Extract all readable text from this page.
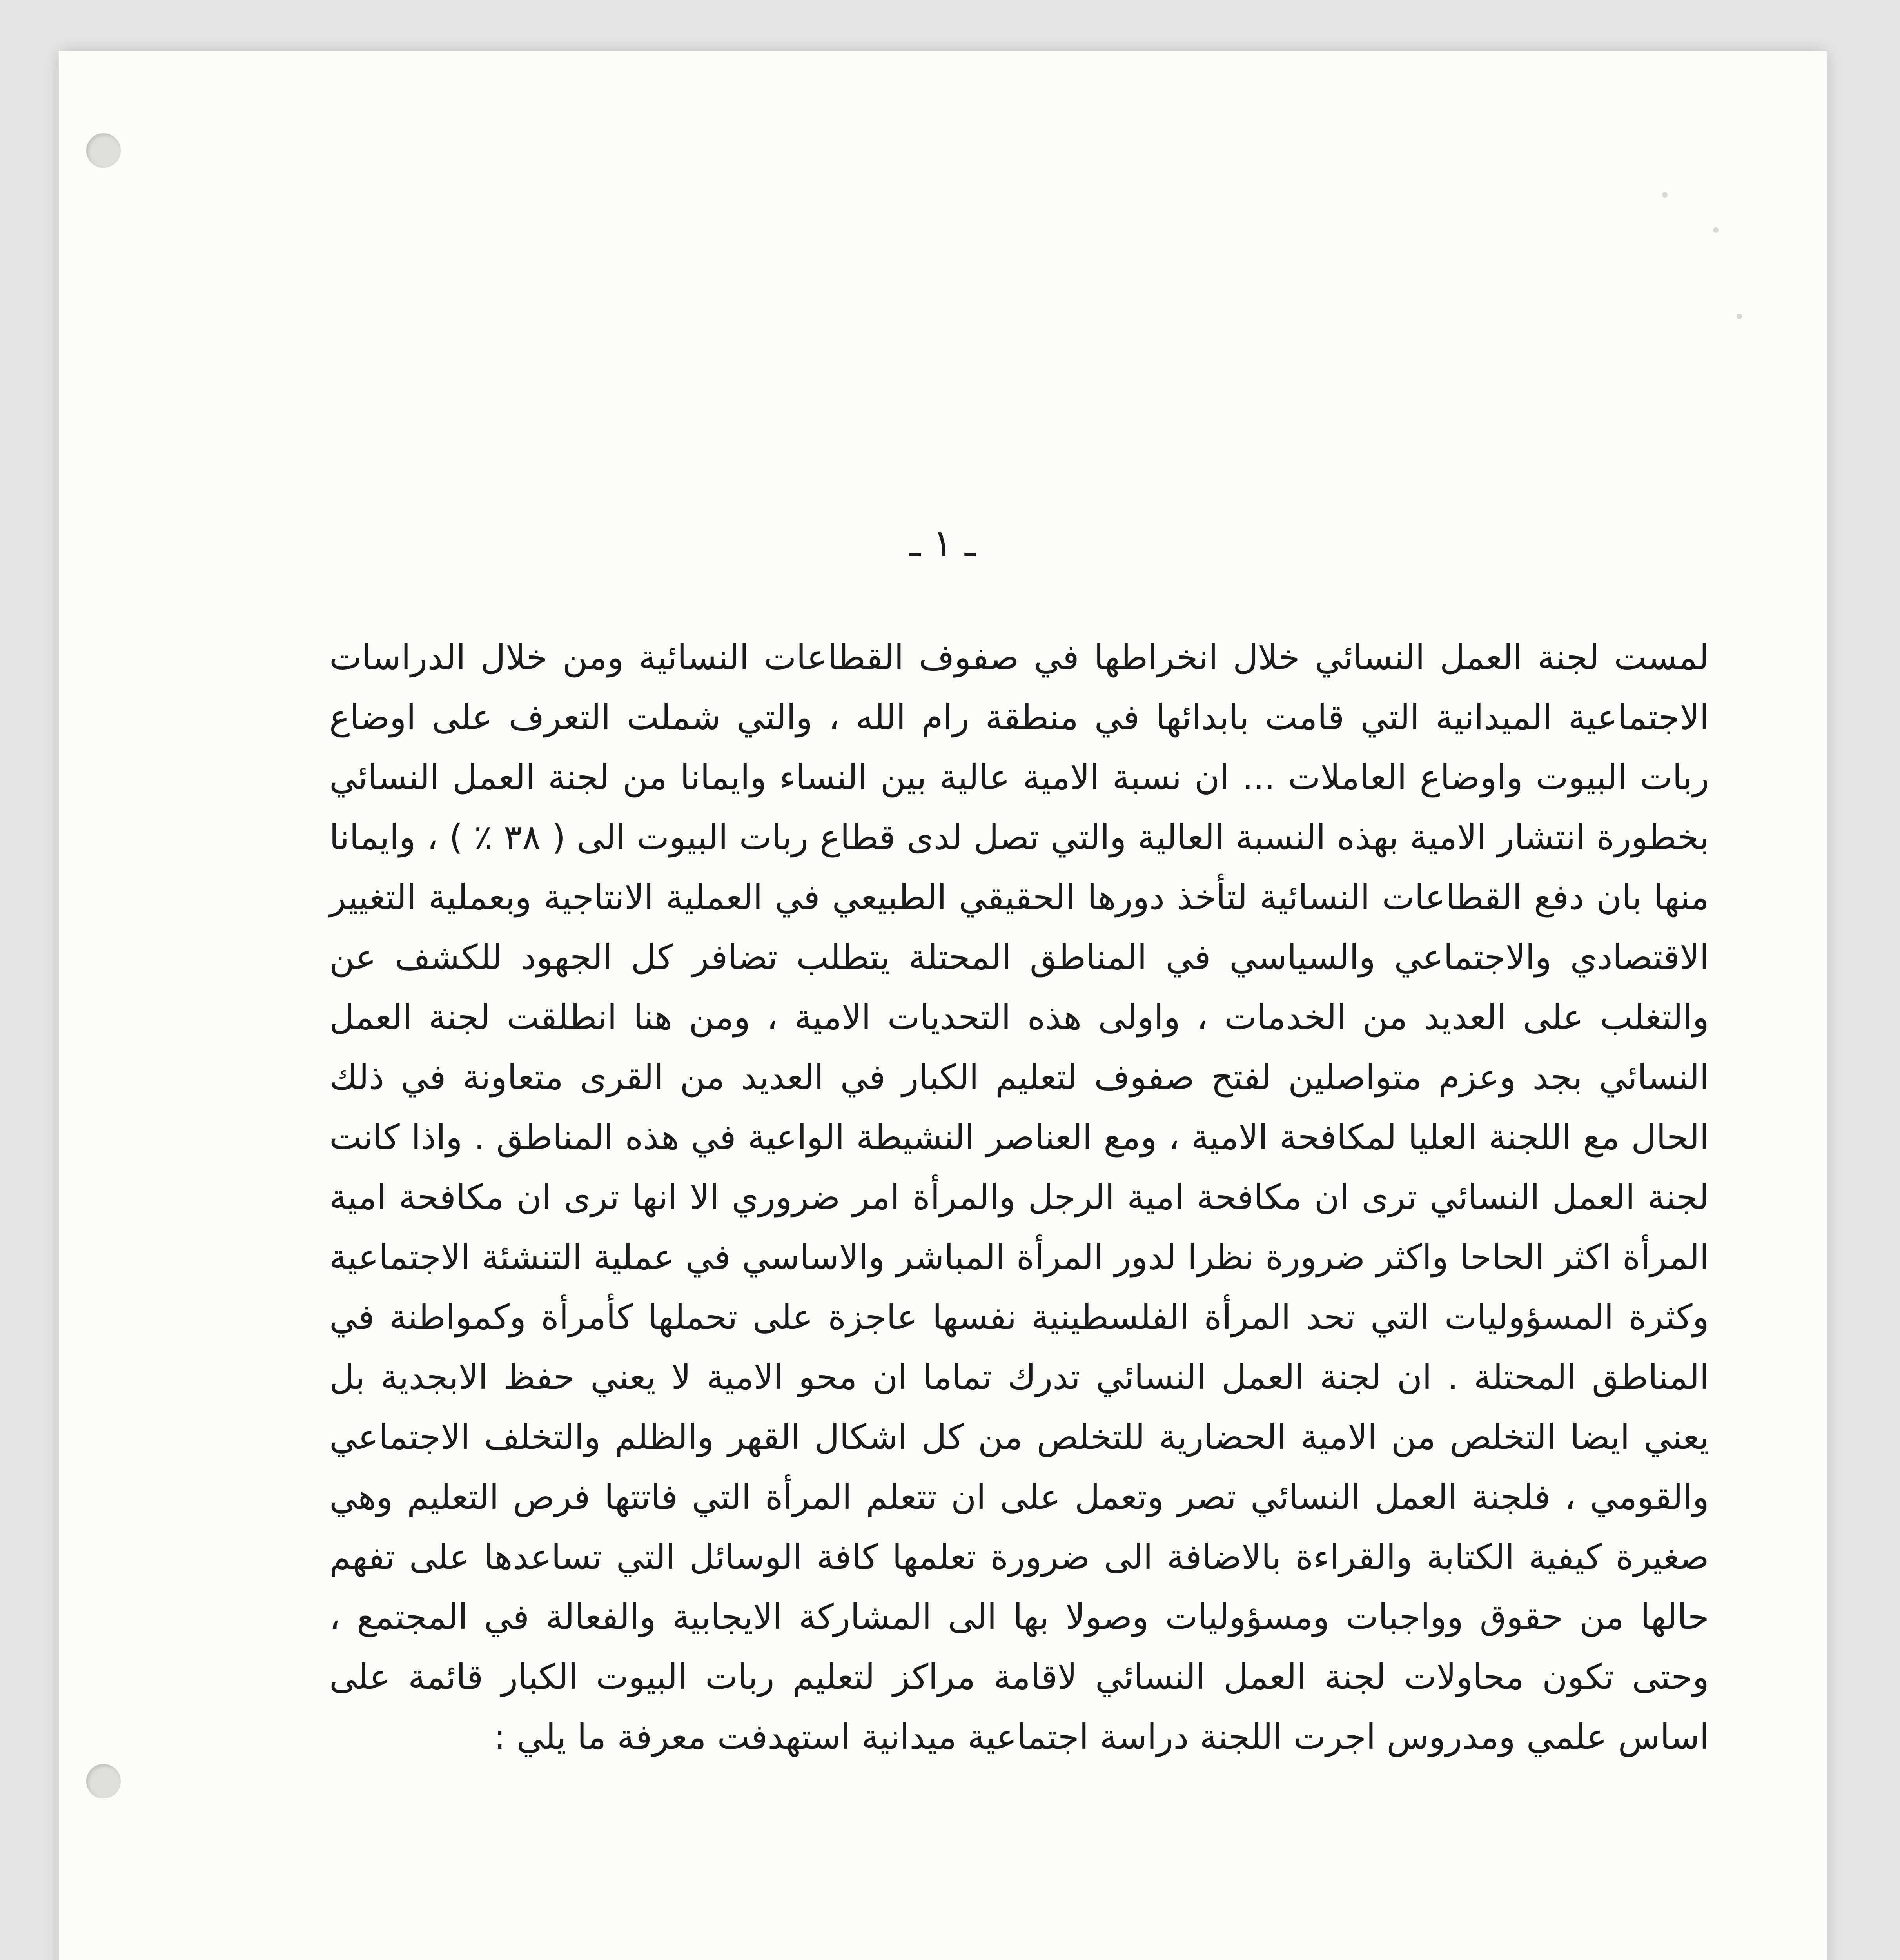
ـ ١ ـ

لمست لجنة العمل النسائي خلال انخراطها في صفوف القطاعات النسائية ومن خلال الدراسات الاجتماعية الميدانية التي قامت بابدائها في منطقة رام الله ، والتي شملت التعرف على اوضاع ربات البيوت واوضاع العاملات ... ان نسبة الامية عالية بين النساء وايمانا من لجنة العمل النسائي بخطورة انتشار الامية بهذه النسبة العالية والتي تصل لدى قطاع ربات البيوت الى ( ٣٨ ٪ ) ، وايمانا منها بان دفع القطاعات النسائية لتأخذ دورها الحقيقي الطبيعي في العملية الانتاجية وبعملية التغيير الاقتصادي والاجتماعي والسياسي في المناطق المحتلة يتطلب تضافر كل الجهود للكشف عن والتغلب على العديد من الخدمات ، واولى هذه التحديات الامية ، ومن هنا انطلقت لجنة العمل النسائي بجد وعزم متواصلين لفتح صفوف لتعليم الكبار في العديد من القرى متعاونة في ذلك الحال مع اللجنة العليا لمكافحة الامية ، ومع العناصر النشيطة الواعية في هذه المناطق . واذا كانت لجنة العمل النسائي ترى ان مكافحة امية الرجل والمرأة امر ضروري الا انها ترى ان مكافحة امية المرأة اكثر الحاحا واكثر ضرورة نظرا لدور المرأة المباشر والاساسي في عملية التنشئة الاجتماعية وكثرة المسؤوليات التي تحد المرأة الفلسطينية نفسها عاجزة على تحملها كأمرأة وكمواطنة في المناطق المحتلة . ان لجنة العمل النسائي تدرك تماما ان محو الامية لا يعني حفظ الابجدية بل يعني ايضا التخلص من الامية الحضارية للتخلص من كل اشكال القهر والظلم والتخلف الاجتماعي والقومي ، فلجنة العمل النسائي تصر وتعمل على ان تتعلم المرأة التي فاتتها فرص التعليم وهي صغيرة كيفية الكتابة والقراءة بالاضافة الى ضرورة تعلمها كافة الوسائل التي تساعدها على تفهم حالها من حقوق وواجبات ومسؤوليات وصولا بها الى المشاركة الايجابية والفعالة في المجتمع ، وحتى تكون محاولات لجنة العمل النسائي لاقامة مراكز لتعليم ربات البيوت الكبار قائمة على اساس علمي ومدروس اجرت اللجنة دراسة اجتماعية ميدانية استهدفت معرفة ما يلي :
